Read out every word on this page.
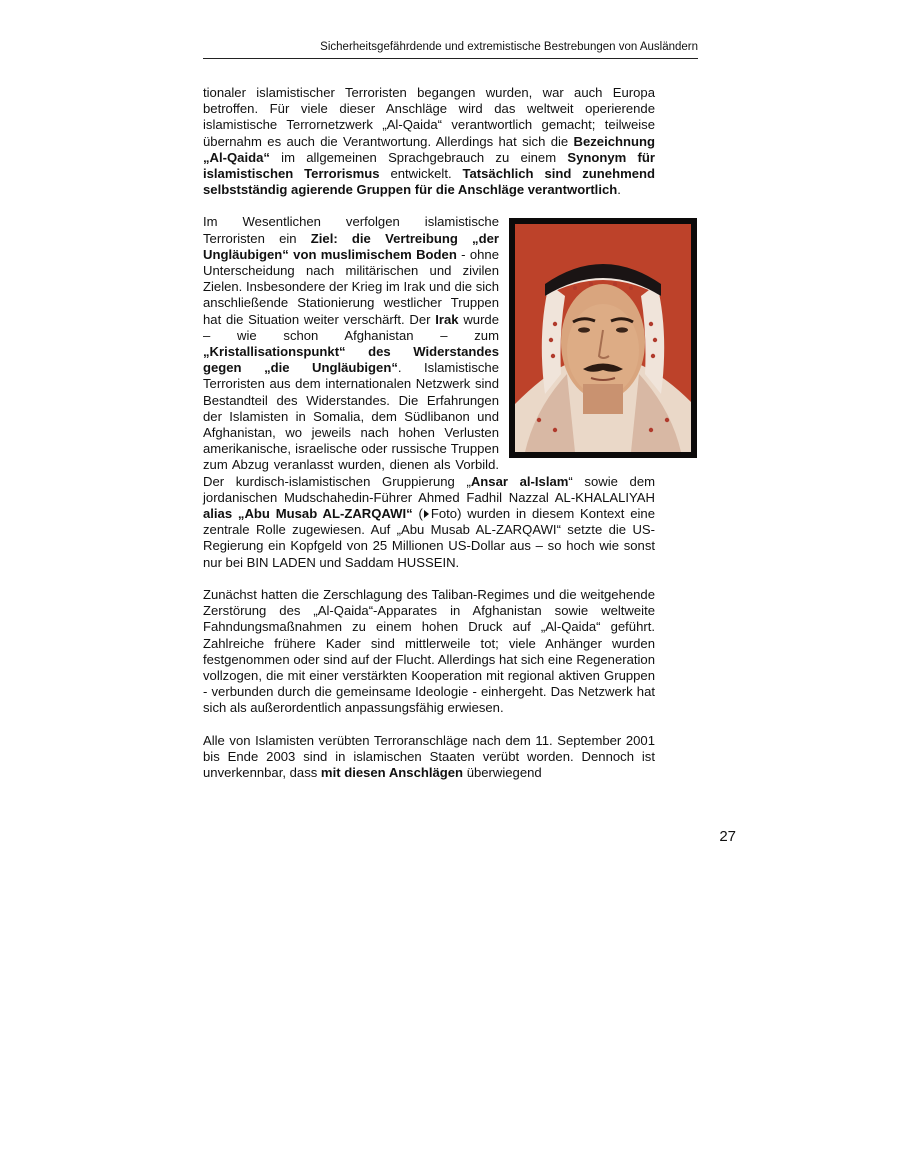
Sicherheitsgefährdende und extremistische Bestrebungen von Ausländern

tionaler islamistischer Terroristen begangen wurden, war auch Europa betroffen. Für viele dieser Anschläge wird das weltweit operierende islamistische Terrornetzwerk „Al-Qaida“ verantwortlich gemacht; teilweise übernahm es auch die Verantwortung. Allerdings hat sich die Bezeichnung „Al-Qaida“ im allgemeinen Sprachgebrauch zu einem Synonym für islamistischen Terrorismus entwickelt. Tatsächlich sind zunehmend selbstständig agierende Gruppen für die Anschläge verantwortlich.

Im Wesentlichen verfolgen islamistische Terroristen ein Ziel: die Vertreibung „der Ungläubigen“ von muslimischem Boden - ohne Unterscheidung nach militärischen und zivilen Zielen. Insbesondere der Krieg im Irak und die sich anschließende Stationierung westlicher Truppen hat die Situation weiter verschärft. Der Irak wurde – wie schon Afghanistan – zum „Kristallisationspunkt“ des Widerstandes gegen „die Ungläubigen“. Islamistische Terroristen aus dem internationalen Netzwerk sind Bestandteil des Widerstandes. Die Erfahrungen der Islamisten in Somalia, dem Südlibanon und Afghanistan, wo jeweils nach hohen Verlusten amerikanische, israelische oder russische Truppen zum Abzug veranlasst wurden, dienen als Vorbild. Der kurdisch-islamistischen Gruppierung „Ansar al-Islam“ sowie dem jordanischen Mudschahedin-Führer Ahmed Fadhil Nazzal AL-KHALALIYAH alias „Abu Musab AL-ZARQAWI“ ( Foto) wurden in diesem Kontext eine zentrale Rolle zugewiesen. Auf „Abu Musab AL-ZARQAWI“ setzte die US-Regierung ein Kopfgeld von 25 Millionen US-Dollar aus – so hoch wie sonst nur bei BIN LADEN und Saddam HUSSEIN.

Zunächst hatten die Zerschlagung des Taliban-Regimes und die weitgehende Zerstörung des „Al-Qaida“-Apparates in Afghanistan sowie weltweite Fahndungsmaßnahmen zu einem hohen Druck auf „Al-Qaida“ geführt. Zahlreiche frühere Kader sind mittlerweile tot; viele Anhänger wurden festgenommen oder sind auf der Flucht. Allerdings hat sich eine Regeneration vollzogen, die mit einer verstärkten Kooperation mit regional aktiven Gruppen - verbunden durch die gemeinsame Ideologie - einhergeht. Das Netzwerk hat sich als außerordentlich anpassungsfähig erwiesen.

Alle von Islamisten verübten Terroranschläge nach dem 11. September 2001 bis Ende 2003 sind in islamischen Staaten verübt worden. Dennoch ist unverkennbar, dass mit diesen Anschlägen überwiegend

27
